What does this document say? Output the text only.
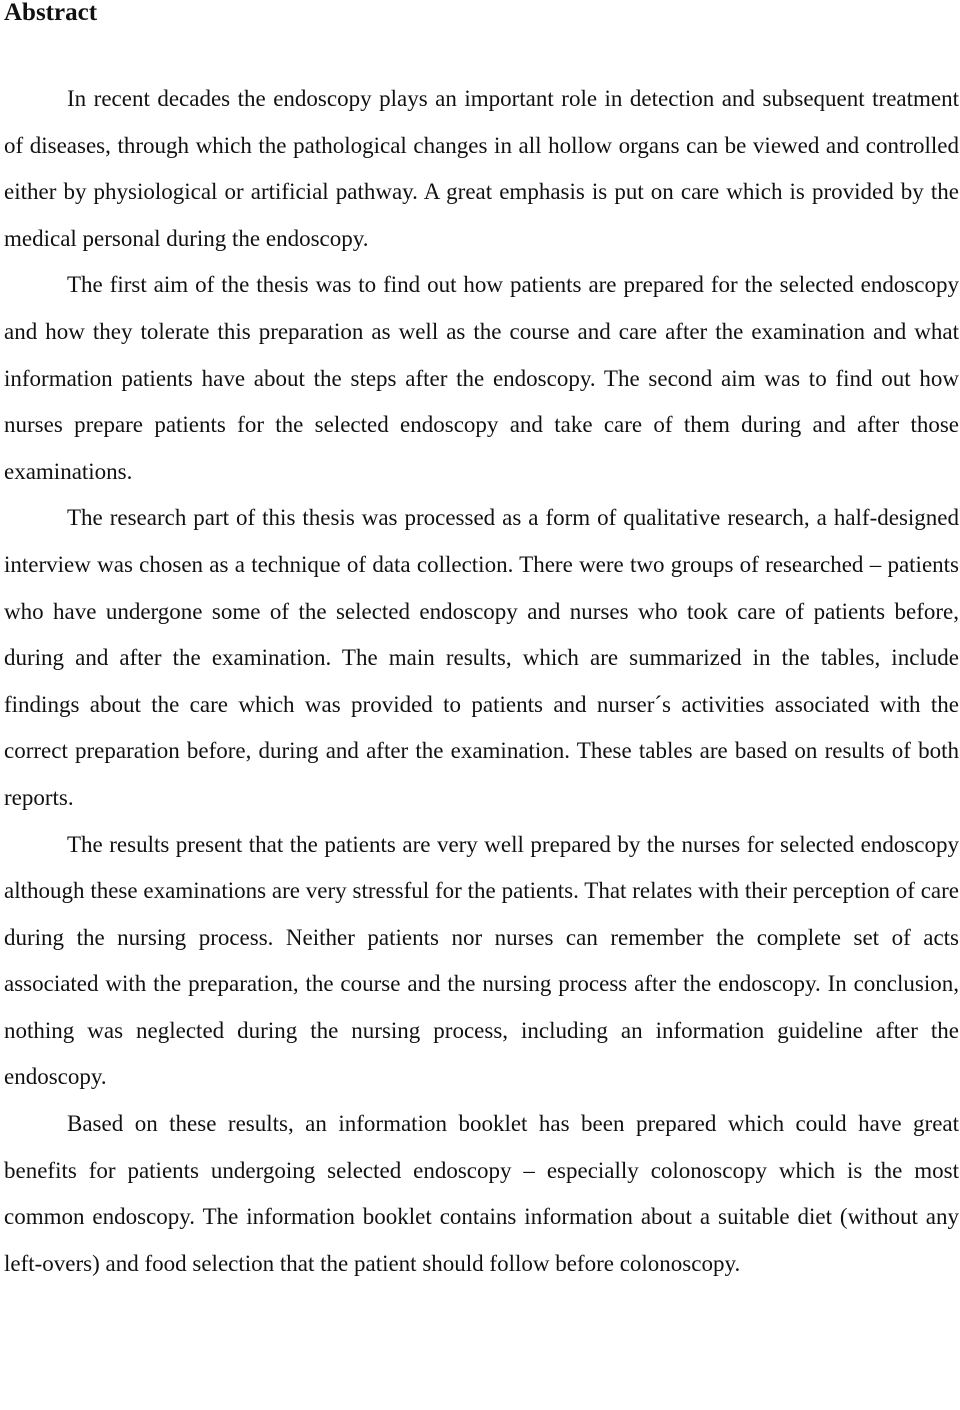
Abstract

In recent decades the endoscopy plays an important role in detection and subsequent treatment of diseases, through which the pathological changes in all hollow organs can be viewed and controlled either by physiological or artificial pathway. A great emphasis is put on care which is provided by the medical personal during the endoscopy.

The first aim of the thesis was to find out how patients are prepared for the selected endoscopy and how they tolerate this preparation as well as the course and care after the examination and what information patients have about the steps after the endoscopy. The second aim was to find out how nurses prepare patients for the selected endoscopy and take care of them during and after those examinations.

The research part of this thesis was processed as a form of qualitative research, a half-designed interview was chosen as a technique of data collection. There were two groups of researched – patients who have undergone some of the selected endoscopy and nurses who took care of patients before, during and after the examination. The main results, which are summarized in the tables, include findings about the care which was provided to patients and nurser´s activities associated with the correct preparation before, during and after the examination. These tables are based on results of both reports.

The results present that the patients are very well prepared by the nurses for selected endoscopy although these examinations are very stressful for the patients. That relates with their perception of care during the nursing process. Neither patients nor nurses can remember the complete set of acts associated with the preparation, the course and the nursing process after the endoscopy. In conclusion, nothing was neglected during the nursing process, including an information guideline after the endoscopy.

Based on these results, an information booklet has been prepared which could have great benefits for patients undergoing selected endoscopy – especially colonoscopy which is the most common endoscopy. The information booklet contains information about a suitable diet (without any left-overs) and food selection that the patient should follow before colonoscopy.
